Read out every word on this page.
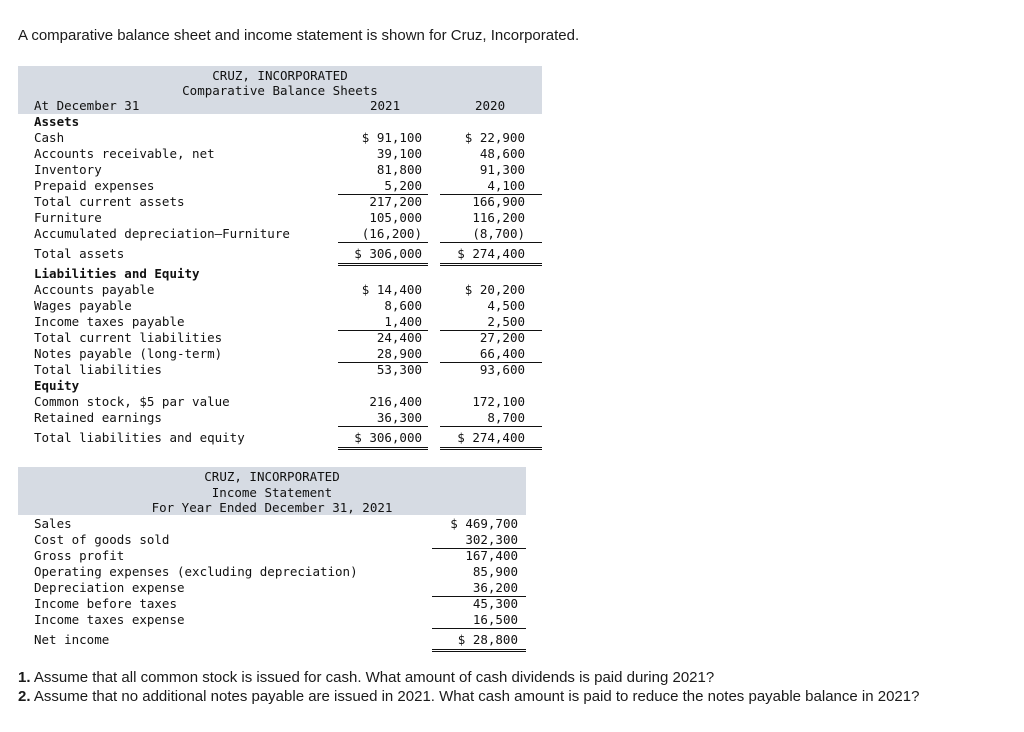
A comparative balance sheet and income statement is shown for Cruz, Incorporated.
CRUZ, INCORPORATED
Comparative Balance Sheets
At December 31	2021	2020
Assets
Cash	$ 91,100	$ 22,900
Accounts receivable, net	39,100	48,600
Inventory	81,800	91,300
Prepaid expenses	5,200	4,100
Total current assets	217,200	166,900
Furniture	105,000	116,200
Accumulated depreciation—Furniture	(16,200)	(8,700)
Total assets	$ 306,000	$ 274,400
Liabilities and Equity
Accounts payable	$ 14,400	$ 20,200
Wages payable	8,600	4,500
Income taxes payable	1,400	2,500
Total current liabilities	24,400	27,200
Notes payable (long-term)	28,900	66,400
Total liabilities	53,300	93,600
Equity
Common stock, $5 par value	216,400	172,100
Retained earnings	36,300	8,700
Total liabilities and equity	$ 306,000	$ 274,400
CRUZ, INCORPORATED
Income Statement
For Year Ended December 31, 2021
Sales	$ 469,700
Cost of goods sold	302,300
Gross profit	167,400
Operating expenses (excluding depreciation)	85,900
Depreciation expense	36,200
Income before taxes	45,300
Income taxes expense	16,500
Net income	$ 28,800
1. Assume that all common stock is issued for cash. What amount of cash dividends is paid during 2021?
2. Assume that no additional notes payable are issued in 2021. What cash amount is paid to reduce the notes payable balance in 2021?
